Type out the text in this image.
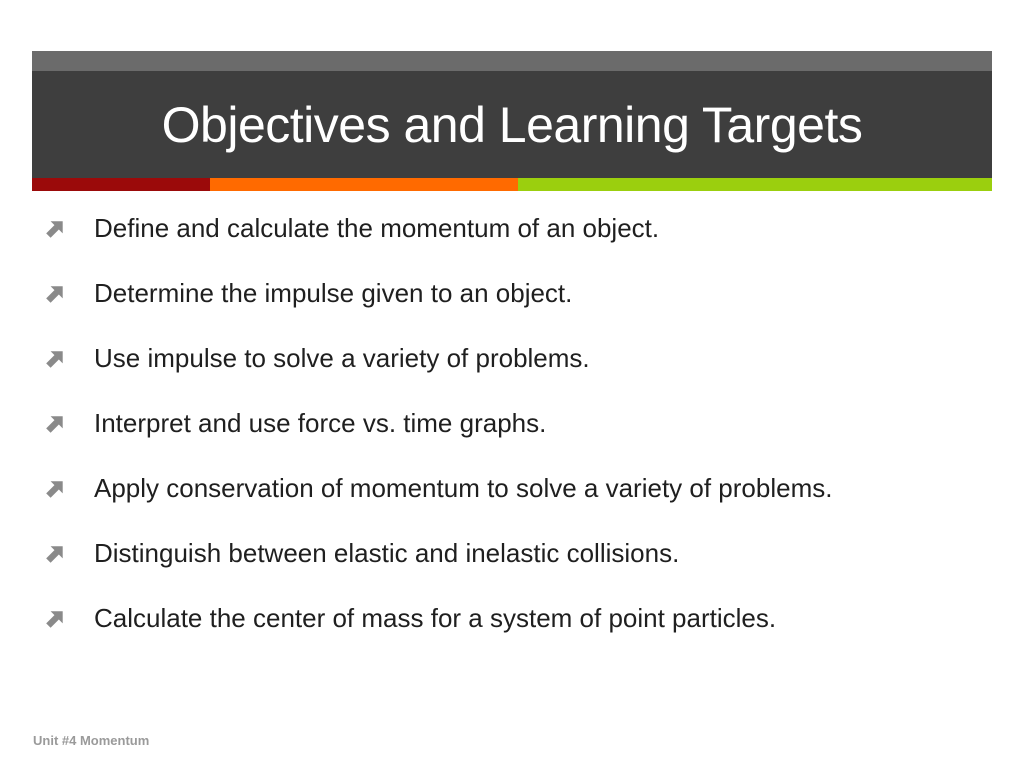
Objectives and Learning Targets
Define and calculate the momentum of an object.
Determine the impulse given to an object.
Use impulse to solve a variety of problems.
Interpret and use force vs. time graphs.
Apply conservation of momentum to solve a variety of problems.
Distinguish between elastic and inelastic collisions.
Calculate the center of mass for a system of point particles.
Unit #4 Momentum
